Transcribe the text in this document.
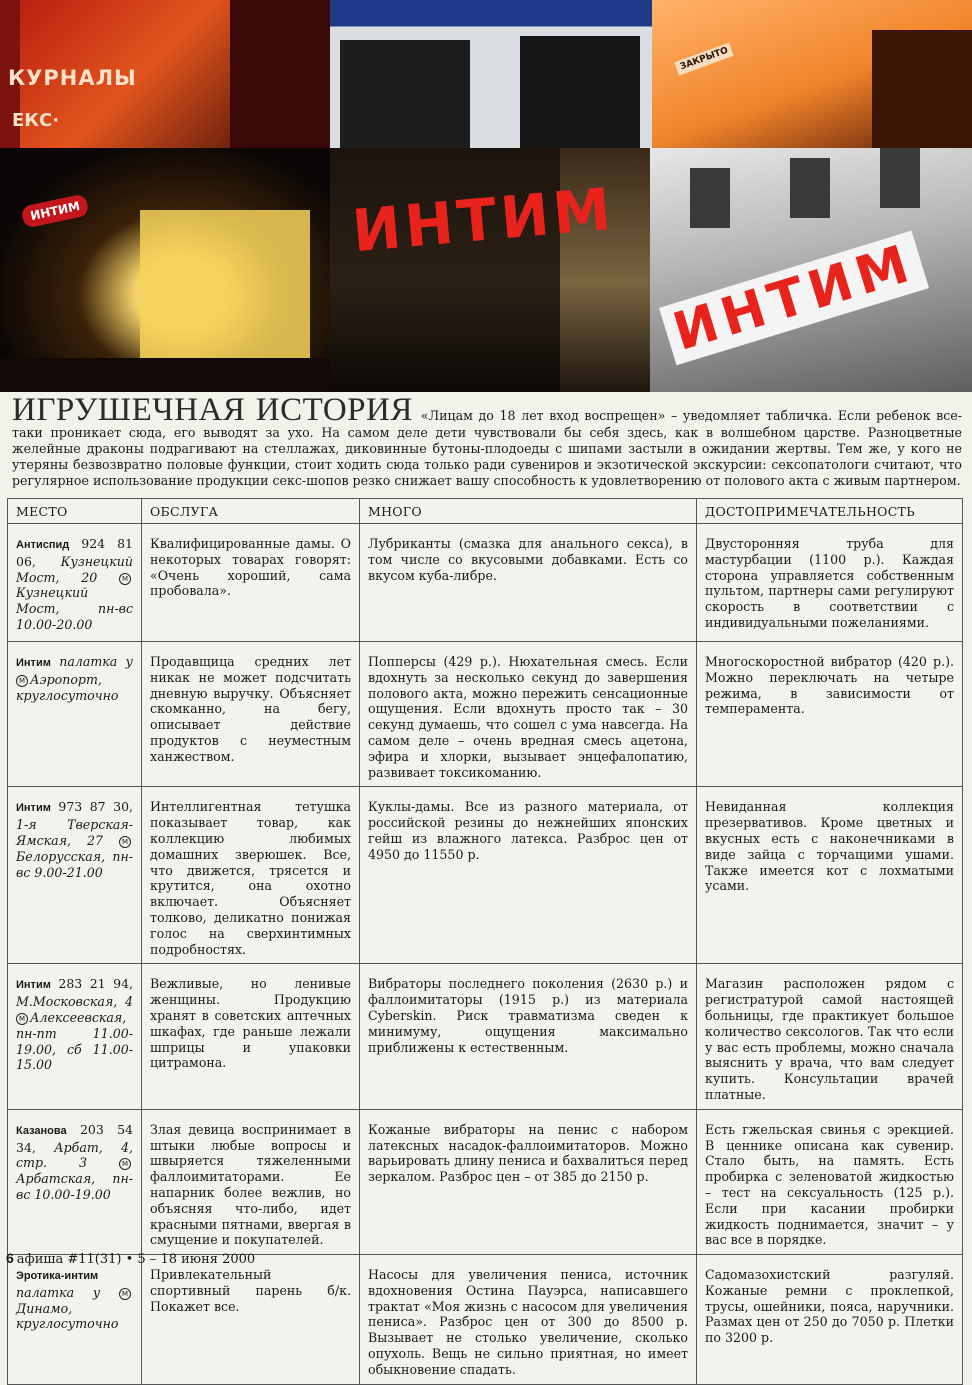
КУРНАЛЫ
ЕКС·
ЗАКРЫТО
ИНТИМ	ИНТИМ
ИНТИМ
ИГРУШЕЧНАЯ ИСТОРИЯ «Лицам до 18 лет вход воспрещен» – уведомляет табличка. Если ребенок все-таки проникает сюда, его выводят за ухо. На самом деле дети чувствовали бы себя здесь, как в волшебном царстве. Разноцветные желейные драконы подрагивают на стеллажах, диковинные бутоны-плодоеды с шипами застыли в ожидании жертвы. Тем же, у кого не утеряны безвозвратно половые функции, стоит ходить сюда только ради сувениров и экзотической экскурсии: сексопатологи считают, что регулярное использование продукции секс-шопов резко снижает вашу способность к удовлетворению от полового акта с живым партнером.
МЕСТО	ОБСЛУГА	МНОГО	ДОСТОПРИМЕЧАТЕЛЬНОСТЬ
Антиспид 924 81 06, Кузнецкий Мост, 20 МКузнецкий Мост, пн-вс 10.00-20.00	Квалифицированные дамы. О некоторых товарах говорят: «Очень хороший, сама пробовала».	Лубриканты (смазка для анального секса), в том числе со вкусовыми добавками. Есть со вкусом куба-либре.	Двусторонняя труба для мастурбации (1100 р.). Каждая сторона управляется собственным пультом, партнеры сами регулируют скорость в соответствии с индивидуальными пожеланиями.
Интим палатка у М Аэропорт, круглосуточно	Продавщица средних лет никак не может подсчитать дневную выручку. Объясняет скомканно, на бегу, описывает действие продуктов с неуместным ханжеством.	Попперсы (429 р.). Нюхательная смесь. Если вдохнуть за несколько секунд до завершения полового акта, можно пережить сенсационные ощущения. Если вдохнуть просто так – 30 секунд думаешь, что сошел с ума навсегда. На самом деле – очень вредная смесь ацетона, эфира и хлорки, вызывает энцефалопатию, развивает токсикоманию.	Многоскоростной вибратор (420 р.). Можно переключать на четыре режима, в зависимости от темперамента.
Интим 973 87 30, 1-я Тверская-Ямская, 27 МБелорусская, пн-вс 9.00-21.00	Интеллигентная тетушка показывает товар, как коллекцию любимых домашних зверюшек. Все, что движется, трясется и крутится, она охотно включает. Объясняет толково, деликатно понижая голос на сверхинтимных подробностях.	Куклы-дамы. Все из разного материала, от российской резины до нежнейших японских гейш из влажного латекса. Разброс цен от 4950 до 11550 р.	Невиданная коллекция презервативов. Кроме цветных и вкусных есть с наконечниками в виде зайца с торчащими ушами. Также имеется кот с лохматыми усами.
Интим 283 21 94, М.Московская, 4 М Алексеевская, пн-пт 11.00-19.00, сб 11.00-15.00	Вежливые, но ленивые женщины. Продукцию хранят в советских аптечных шкафах, где раньше лежали шприцы и упаковки цитрамона.	Вибраторы последнего поколения (2630 р.) и фаллоимитаторы (1915 р.) из материала Cyberskin. Риск травматизма сведен к минимуму, ощущения максимально приближены к естественным.	Магазин расположен рядом с регистратурой самой настоящей больницы, где практикует большое количество сексологов. Так что если у вас есть проблемы, можно сначала выяснить у врача, что вам следует купить. Консультации врачей платные.
Казанова 203 54 34, Арбат, 4, стр. 3 МАрбатская, пн-вс 10.00-19.00	Злая девица воспринимает в штыки любые вопросы и швыряется тяжеленными фаллоимитаторами. Ее напарник более вежлив, но объясняя что-либо, идет красными пятнами, ввергая в смущение и покупателей.	Кожаные вибраторы на пенис с набором латексных насадок-фаллоимитаторов. Можно варьировать длину пениса и бахвалиться перед зеркалом. Разброс цен – от 385 до 2150 р.	Есть гжельская свинья с эрекцией. В ценнике описана как сувенир. Стало быть, на память. Есть пробирка с зеленоватой жидкостью – тест на сексуальность (125 р.). Если при касании пробирки жидкость поднимается, значит – у вас все в порядке.
Эротика-интим палатка у МДинамо, круглосуточно	Привлекательный спортивный парень б/к. Покажет все.	Насосы для увеличения пениса, источник вдохновения Остина Пауэрса, написавшего трактат «Моя жизнь с насосом для увеличения пениса». Разброс цен от 300 до 8500 р. Вызывает не столько увеличение, сколько опухоль. Вещь не сильно приятная, но имеет обыкновение спадать.	Садомазохистский разгуляй. Кожаные ремни с проклепкой, трусы, ошейники, пояса, наручники. Размах цен от 250 до 7050 р. Плетки по 3200 р.
6 афиша #11(31) • 5 – 18 июня 2000
